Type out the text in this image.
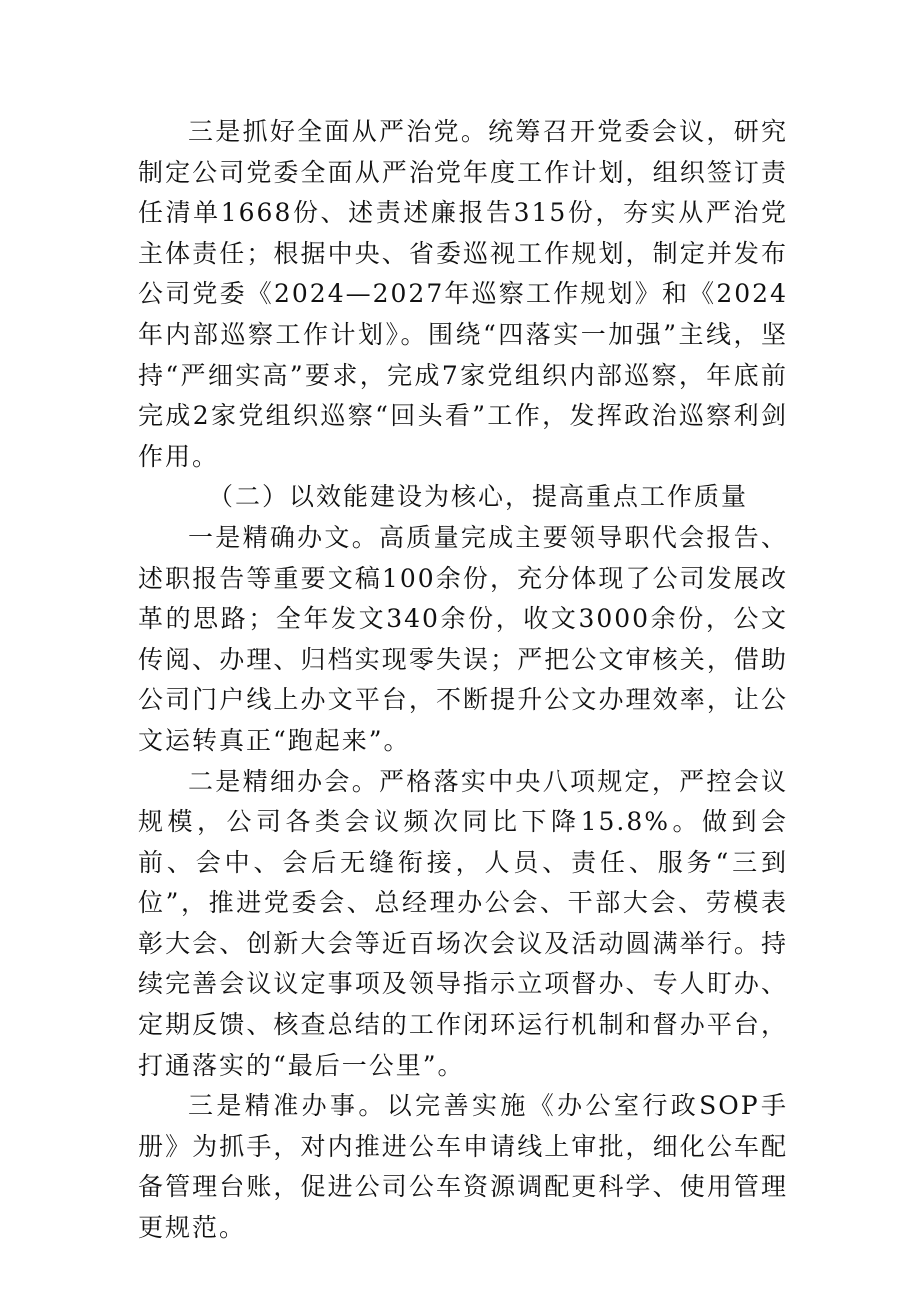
三是抓好全面从严治党。统筹召开党委会议，研究制定公司党委全面从严治党年度工作计划，组织签订责任清单1668份、述责述廉报告315份，夯实从严治党主体责任；根据中央、省委巡视工作规划，制定并发布公司党委《2024—2027年巡察工作规划》和《2024年内部巡察工作计划》。围绕“四落实一加强”主线，坚持“严细实高”要求，完成7家党组织内部巡察，年底前完成2家党组织巡察“回头看”工作，发挥政治巡察利剑作用。

（二）以效能建设为核心，提高重点工作质量

一是精确办文。高质量完成主要领导职代会报告、述职报告等重要文稿100余份，充分体现了公司发展改革的思路；全年发文340余份，收文3000余份，公文传阅、办理、归档实现零失误；严把公文审核关，借助公司门户线上办文平台，不断提升公文办理效率，让公文运转真正“跑起来”。

二是精细办会。严格落实中央八项规定，严控会议规模，公司各类会议频次同比下降15.8%。做到会前、会中、会后无缝衔接，人员、责任、服务“三到位”，推进党委会、总经理办公会、干部大会、劳模表彰大会、创新大会等近百场次会议及活动圆满举行。持续完善会议议定事项及领导指示立项督办、专人盯办、定期反馈、核查总结的工作闭环运行机制和督办平台，打通落实的“最后一公里”。

三是精准办事。以完善实施《办公室行政SOP手册》为抓手，对内推进公车申请线上审批，细化公车配备管理台账，促进公司公车资源调配更科学、使用管理更规范。
